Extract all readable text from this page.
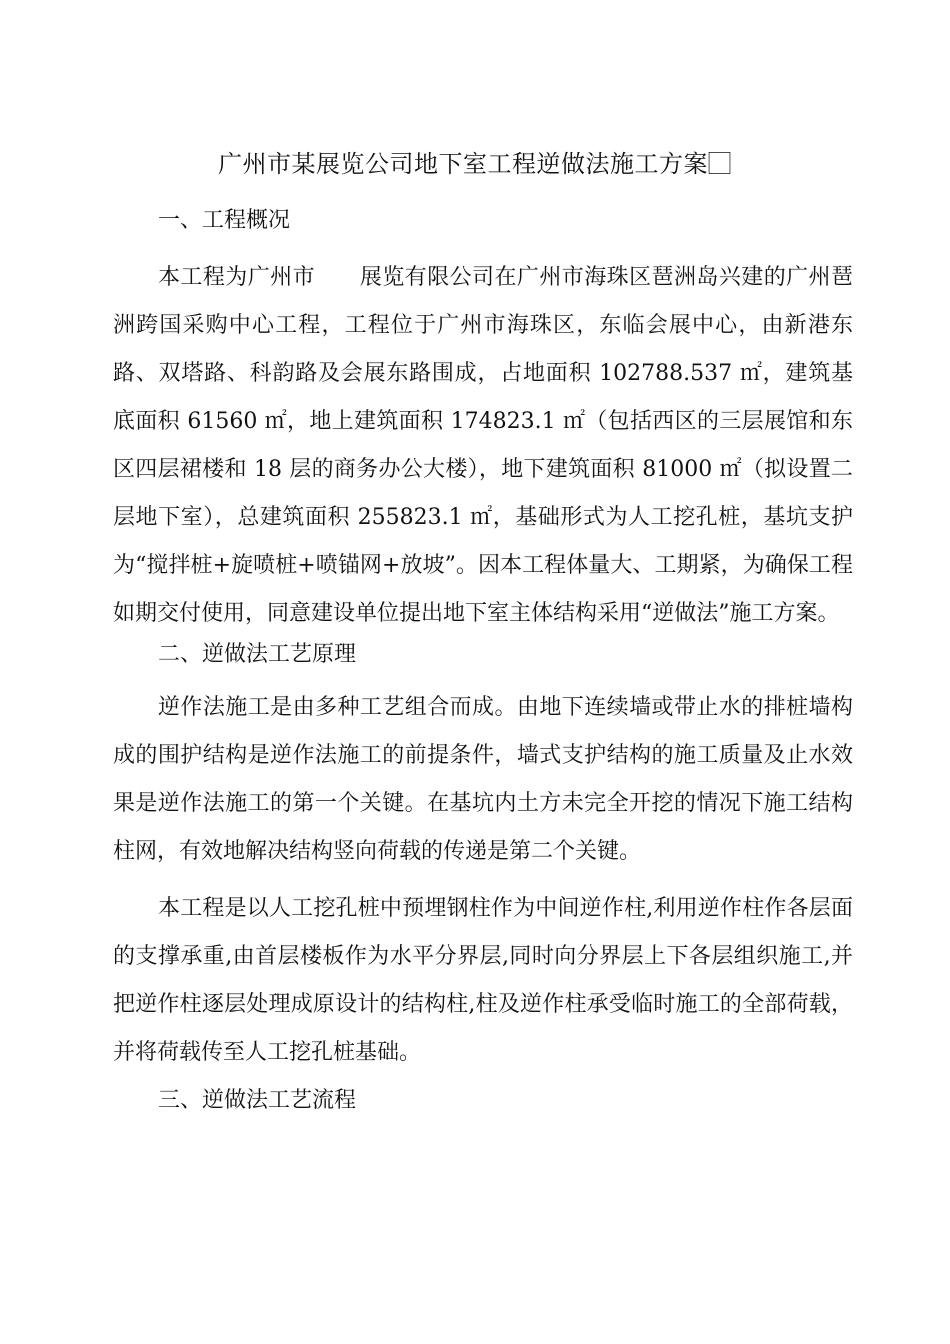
广州市某展览公司地下室工程逆做法施工方案
一、工程概况
本工程为广州市　　展览有限公司在广州市海珠区琶洲岛兴建的广州琶洲跨国采购中心工程，工程位于广州市海珠区，东临会展中心，由新港东路、双塔路、科韵路及会展东路围成，占地面积 102788.537 ㎡，建筑基底面积 61560 ㎡，地上建筑面积 174823.1 ㎡（包括西区的三层展馆和东区四层裙楼和 18 层的商务办公大楼），地下建筑面积 81000 ㎡（拟设置二层地下室），总建筑面积 255823.1 ㎡，基础形式为人工挖孔桩，基坑支护为“搅拌桩+旋喷桩+喷锚网+放坡”。因本工程体量大、工期紧，为确保工程如期交付使用，同意建设单位提出地下室主体结构采用“逆做法”施工方案。
二、逆做法工艺原理
逆作法施工是由多种工艺组合而成。由地下连续墙或带止水的排桩墙构成的围护结构是逆作法施工的前提条件，墙式支护结构的施工质量及止水效果是逆作法施工的第一个关键。在基坑内土方未完全开挖的情况下施工结构柱网，有效地解决结构竖向荷载的传递是第二个关键。
本工程是以人工挖孔桩中预埋钢柱作为中间逆作柱,利用逆作柱作各层面的支撑承重,由首层楼板作为水平分界层,同时向分界层上下各层组织施工,并把逆作柱逐层处理成原设计的结构柱,柱及逆作柱承受临时施工的全部荷载，并将荷载传至人工挖孔桩基础。
三、逆做法工艺流程
